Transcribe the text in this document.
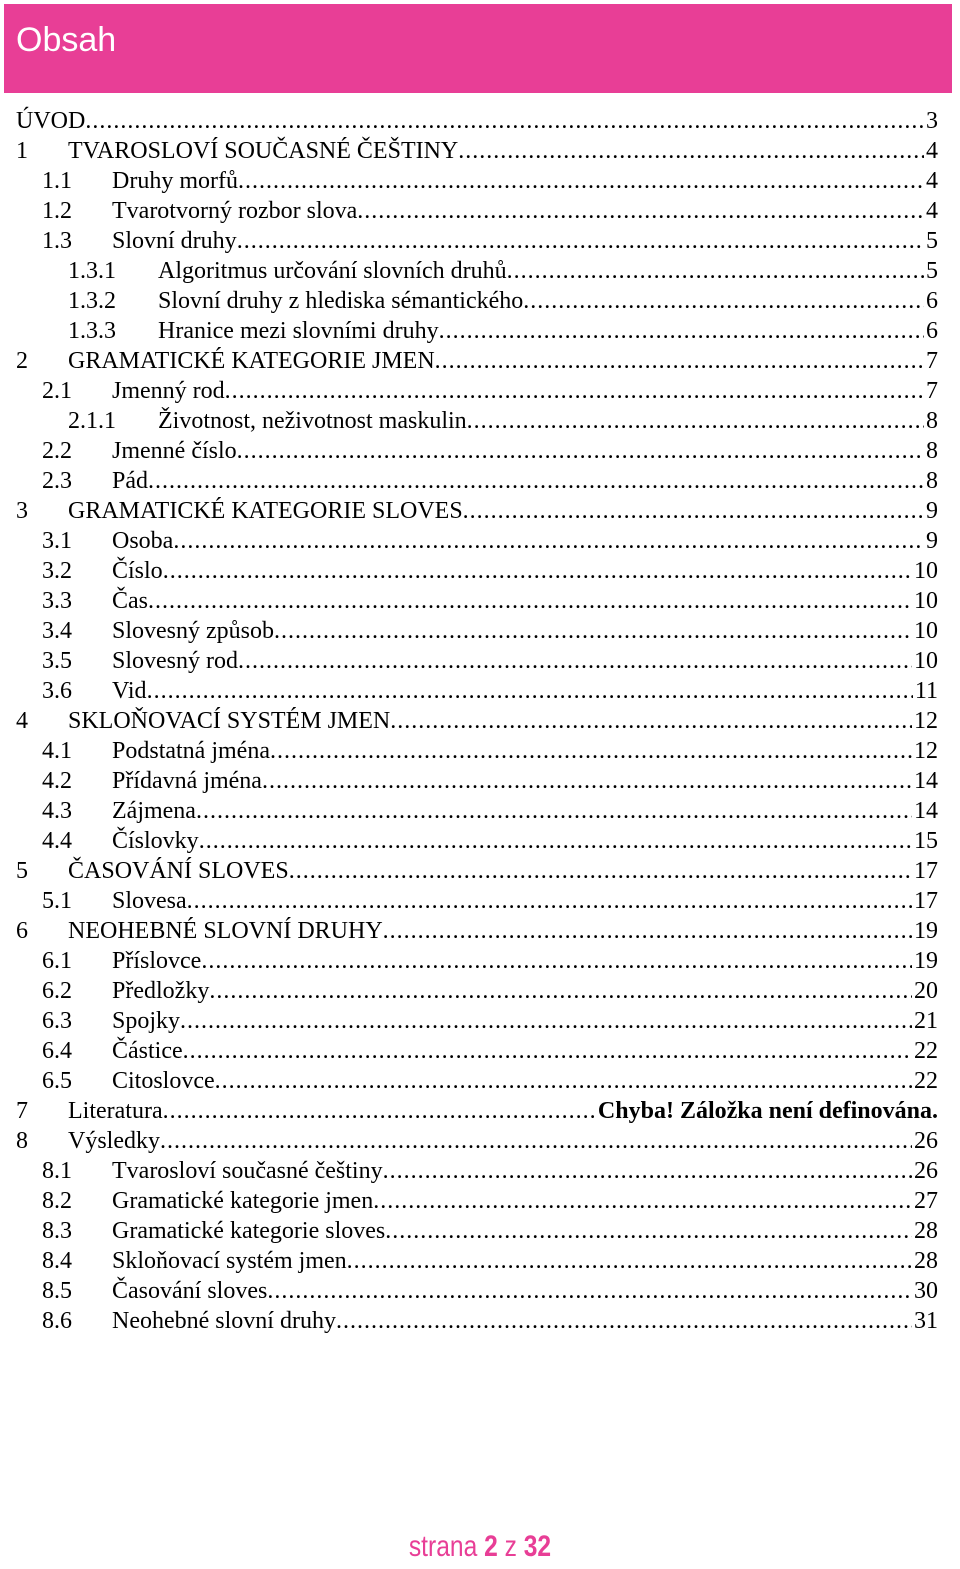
Obsah
ÚVOD .....	3
1	TVAROSLOVÍ SOUČASNÉ ČEŠTINY .....	4
1.1	Druhy morfů .....	4
1.2	Tvarotvorný rozbor slova .....	4
1.3	Slovní druhy .....	5
1.3.1	Algoritmus určování slovních druhů .....	5
1.3.2	Slovní druhy z hlediska sémantického .....	6
1.3.3	Hranice mezi slovními druhy .....	6
2	GRAMATICKÉ KATEGORIE JMEN .....	7
2.1	Jmenný rod .....	7
2.1.1	Životnost, neživotnost maskulin .....	8
2.2	Jmenné číslo .....	8
2.3	Pád .....	8
3	GRAMATICKÉ KATEGORIE SLOVES .....	9
3.1	Osoba .....	9
3.2	Číslo .....	10
3.3	Čas .....	10
3.4	Slovesný způsob .....	10
3.5	Slovesný rod .....	10
3.6	Vid .....	11
4	SKLOŇOVACÍ SYSTÉM JMEN .....	12
4.1	Podstatná jména .....	12
4.2	Přídavná jména .....	14
4.3	Zájmena .....	14
4.4	Číslovky .....	15
5	ČASOVÁNÍ SLOVES .....	17
5.1	Slovesa .....	17
6	NEOHEBNÉ SLOVNÍ DRUHY .....	19
6.1	Příslovce .....	19
6.2	Předložky .....	20
6.3	Spojky .....	21
6.4	Částice .....	22
6.5	Citoslovce .....	22
7	Literatura .....	Chyba! Záložka není definována.
8	Výsledky .....	26
8.1	Tvarosloví současné češtiny .....	26
8.2	Gramatické kategorie jmen .....	27
8.3	Gramatické kategorie sloves .....	28
8.4	Skloňovací systém jmen .....	28
8.5	Časování sloves .....	30
8.6	Neohebné slovní druhy .....	31
strana 2 z 32
